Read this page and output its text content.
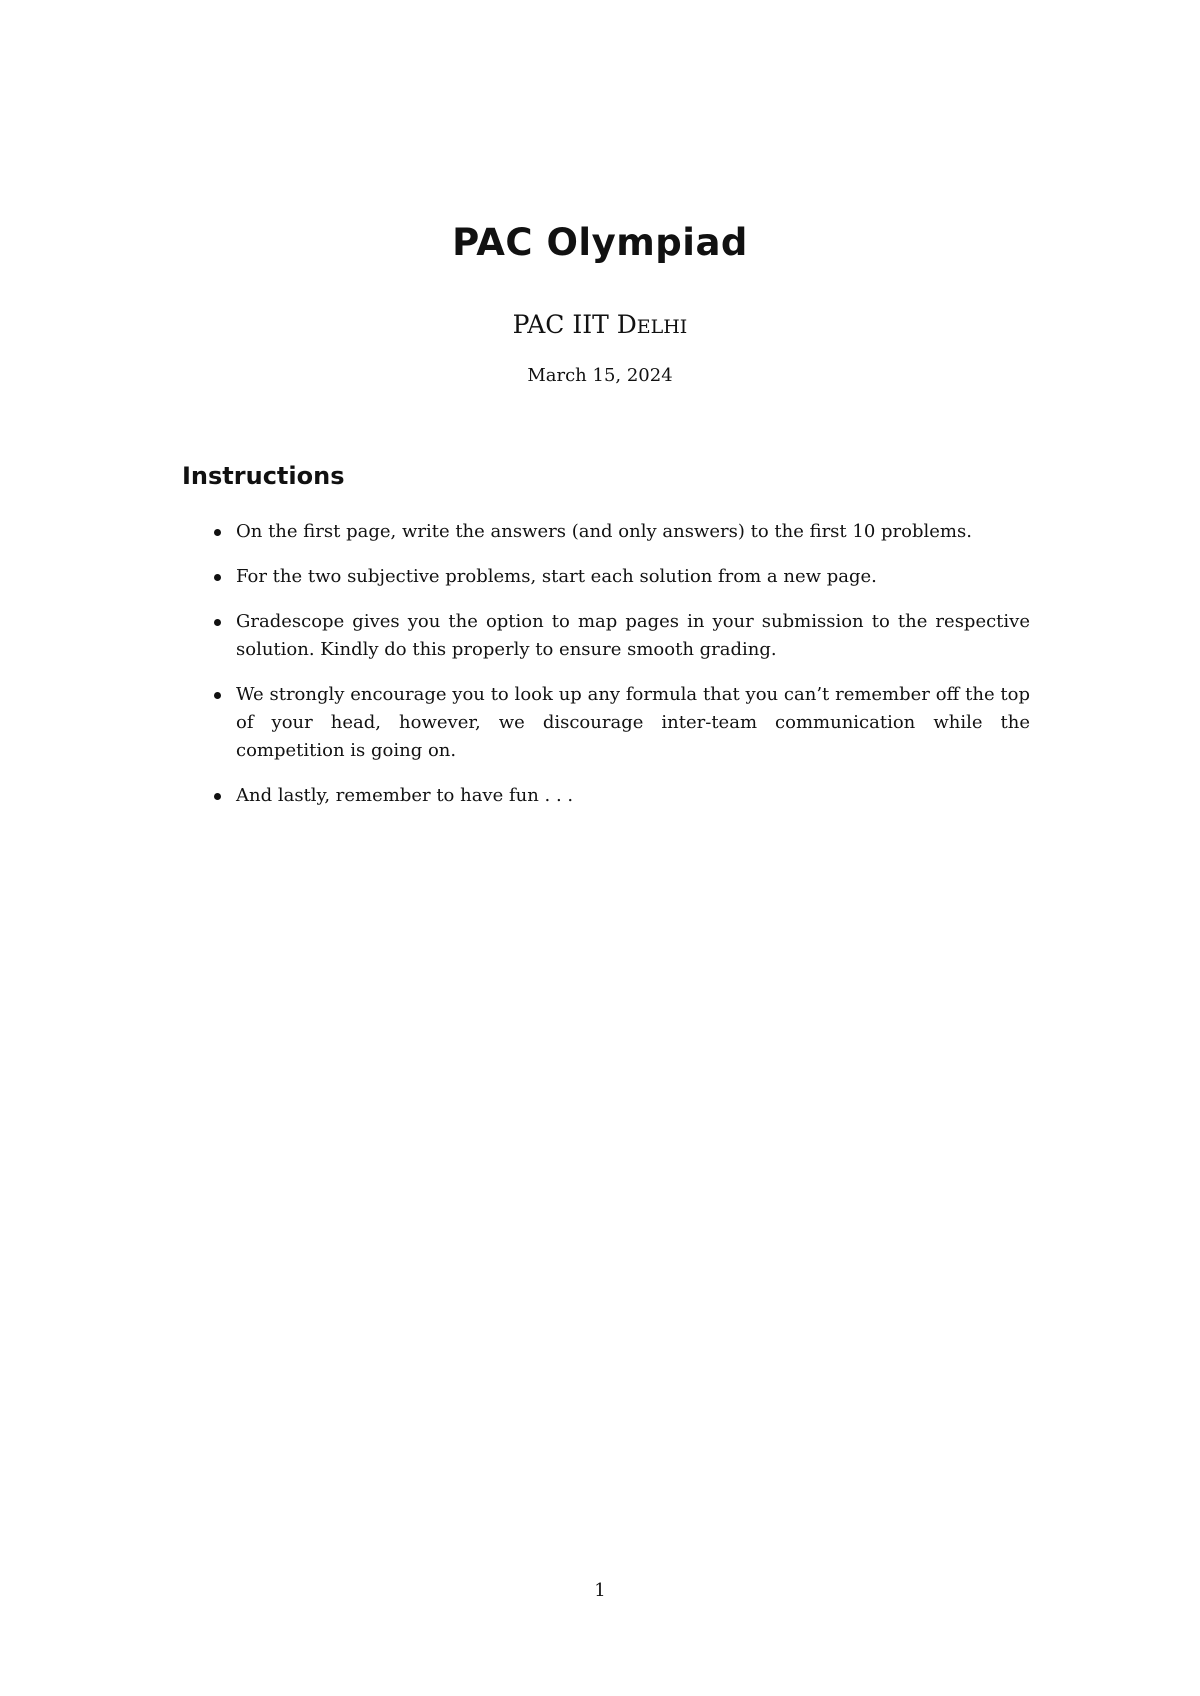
PAC Olympiad
PAC IIT DELHI
March 15, 2024
Instructions
On the first page, write the answers (and only answers) to the first 10 problems.
For the two subjective problems, start each solution from a new page.
Gradescope gives you the option to map pages in your submission to the respective solution. Kindly do this properly to ensure smooth grading.
We strongly encourage you to look up any formula that you can’t remember off the top of your head, however, we discourage inter-team communication while the competition is going on.
And lastly, remember to have fun . . .
1
